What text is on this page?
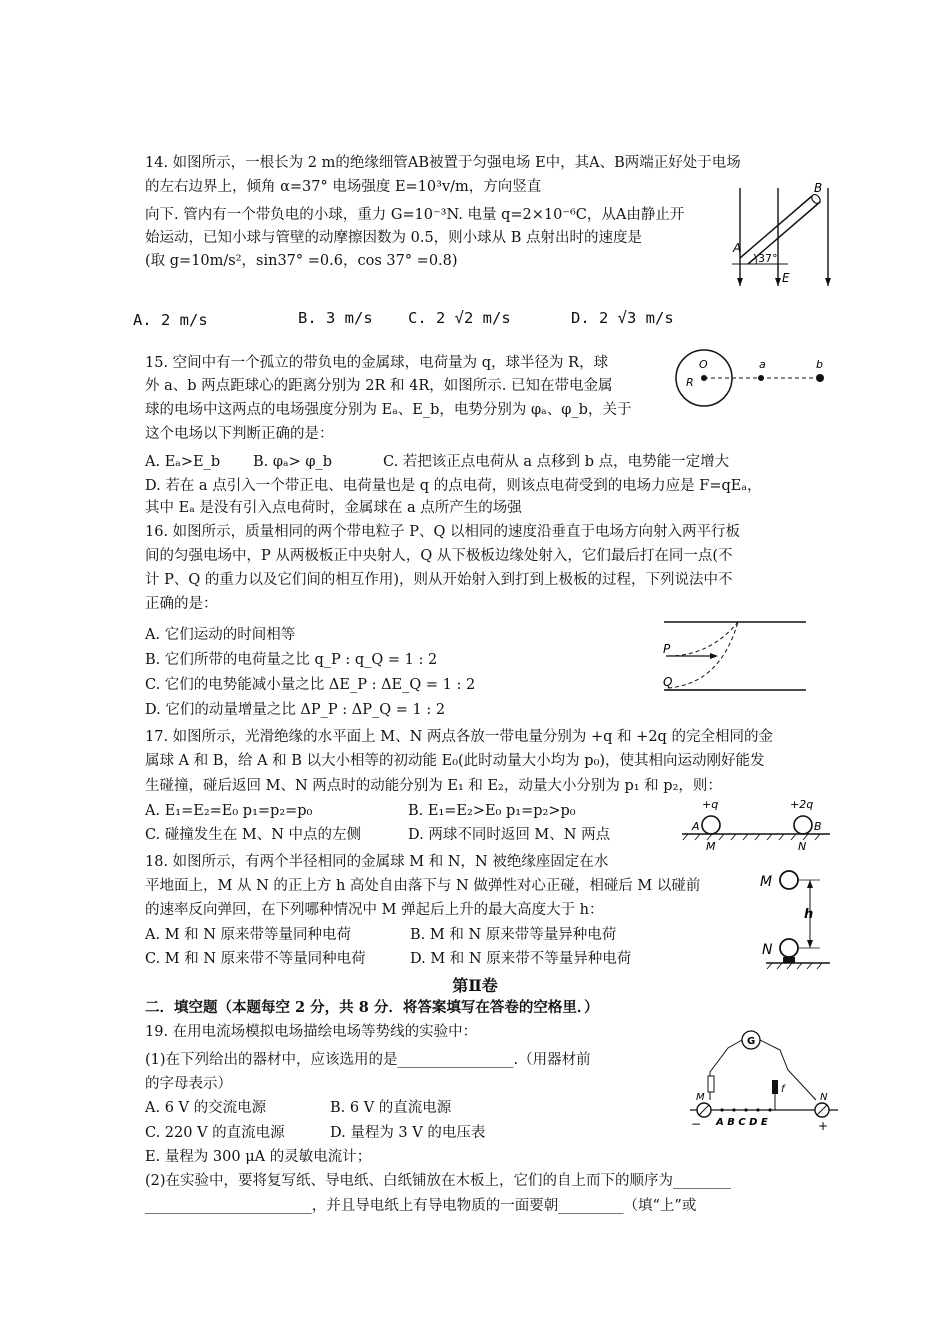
14. 如图所示，一根长为 2 m的绝缘细管AB被置于匀强电场 E中，其A、B两端正好处于电场
的左右边界上，倾角 α=37° 电场强度 E=10³v/m，方向竖直
向下. 管内有一个带负电的小球，重力 G=10⁻³N. 电量 q=2×10⁻⁶C，从A由静止开
始运动，已知小球与管壁的动摩擦因数为 0.5，则小球从 B 点射出时的速度是
(取 g=10m/s²，sin37° =0.6，cos 37° =0.8)
A. 2 m/s	B. 3 m/s C. 2 √2 m/s	D. 2 √3 m/s
A
B
37°
E
15. 空间中有一个孤立的带负电的金属球，电荷量为 q，球半径为 R，球
外 a、b 两点距球心的距离分别为 2R 和 4R，如图所示. 已知在带电金属
球的电场中这两点的电场强度分别为 Eₐ、E_b，电势分别为 φₐ、φ_b，关于
这个电场以下判断正确的是：
A. Eₐ>E_b B. φₐ> φ_b	C. 若把该正点电荷从 a 点移到 b 点，电势能一定增大
D. 若在 a 点引入一个带正电、电荷量也是 q 的点电荷，则该点电荷受到的电场力应是 F=qEₐ，
其中 Eₐ 是没有引入点电荷时，金属球在 a 点所产生的场强
O
R
a	b
16. 如图所示，质量相同的两个带电粒子 P、Q 以相同的速度沿垂直于电场方向射入两平行板
间的匀强电场中，P 从两极板正中央射人，Q 从下极板边缘处射入，它们最后打在同一点(不
计 P、Q 的重力以及它们间的相互作用)，则从开始射入到打到上极板的过程，下列说法中不
正确的是：
A. 它们运动的时间相等
B. 它们所带的电荷量之比 q_P : q_Q = 1 : 2
C. 它们的电势能减小量之比 ΔE_P : ΔE_Q = 1 : 2
D. 它们的动量增量之比 ΔP_P : ΔP_Q = 1 : 2
P
Q
17. 如图所示，光滑绝缘的水平面上 M、N 两点各放一带电量分别为 +q 和 +2q 的完全相同的金
属球 A 和 B，给 A 和 B 以大小相等的初动能 E₀(此时动量大小均为 p₀)，使其相向运动刚好能发
生碰撞，碰后返回 M、N 两点时的动能分别为 E₁ 和 E₂，动量大小分别为 p₁ 和 p₂，则：
A. E₁=E₂=E₀ p₁=p₂=p₀	B. E₁=E₂>E₀ p₁=p₂>p₀
C. 碰撞发生在 M、N 中点的左侧	D. 两球不同时返回 M、N 两点
+q	+2q
A	B
M	N
18. 如图所示，有两个半径相同的金属球 M 和 N，N 被绝缘座固定在水
平地面上，M 从 N 的正上方 h 高处自由落下与 N 做弹性对心正碰，相碰后 M 以碰前
的速率反向弹回，在下列哪种情况中 M 弹起后上升的最大高度大于 h：
A. M 和 N 原来带等量同种电荷	B. M 和 N 原来带等量异种电荷
C. M 和 N 原来带不等量同种电荷	D. M 和 N 原来带不等量异种电荷
M
N
h
第Ⅱ卷
二．填空题（本题每空 2 分，共 8 分．将答案填写在答卷的空格里．）
19. 在用电流场模拟电场描绘电场等势线的实验中：
(1)在下列给出的器材中，应该选用的是________________.（用器材前
的字母表示）
A. 6 V 的交流电源	B. 6 V 的直流电源
C. 220 V 的直流电源	D. 量程为 3 V 的电压表
E. 量程为 300 μA 的灵敏电流计；
(2)在实验中，要将复写纸、导电纸、白纸铺放在木板上，它们的自上而下的顺序为________
_______________________，并且导电纸上有导电物质的一面要朝_________（填“上”或
G
M	N
f
A B C D E
−	+
